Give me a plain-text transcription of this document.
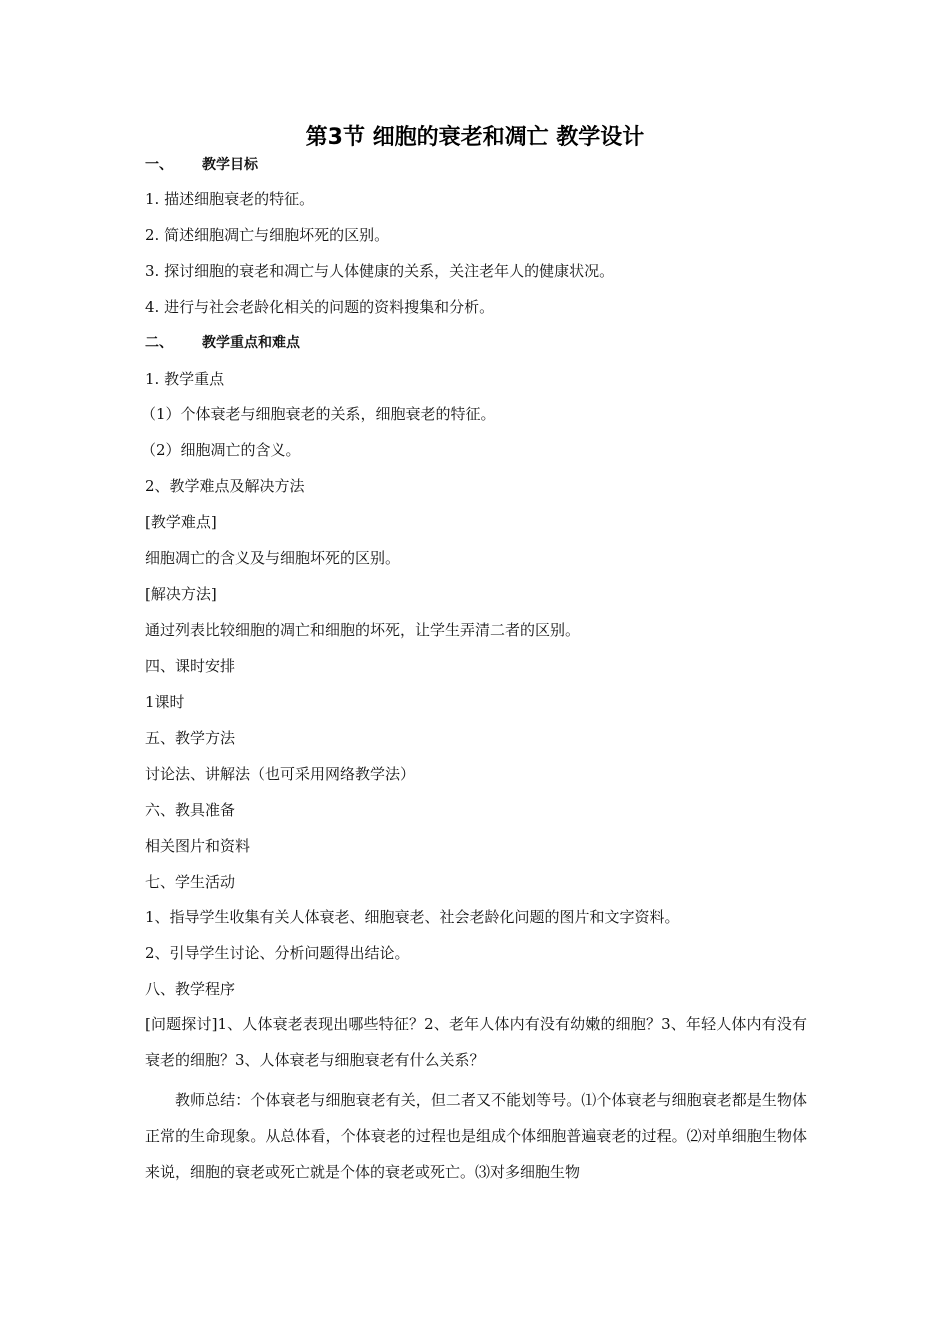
第3节 细胞的衰老和凋亡 教学设计
一、 教学目标
1. 描述细胞衰老的特征。
2. 简述细胞凋亡与细胞坏死的区别。
3. 探讨细胞的衰老和凋亡与人体健康的关系，关注老年人的健康状况。
4. 进行与社会老龄化相关的问题的资料搜集和分析。
二、 教学重点和难点
1. 教学重点
（1）个体衰老与细胞衰老的关系，细胞衰老的特征。
（2）细胞凋亡的含义。
2、教学难点及解决方法
[教学难点]
细胞凋亡的含义及与细胞坏死的区别。
[解决方法]
通过列表比较细胞的凋亡和细胞的坏死，让学生弄清二者的区别。
四、课时安排
1课时
五、教学方法
讨论法、讲解法（也可采用网络教学法）
六、教具准备
相关图片和资料
七、学生活动
1、指导学生收集有关人体衰老、细胞衰老、社会老龄化问题的图片和文字资料。
2、引导学生讨论、分析问题得出结论。
八、教学程序
[问题探讨]1、人体衰老表现出哪些特征？2、老年人体内有没有幼嫩的细胞？3、年轻人体内有没有衰老的细胞？3、人体衰老与细胞衰老有什么关系？
教师总结：个体衰老与细胞衰老有关，但二者又不能划等号。⑴个体衰老与细胞衰老都是生物体正常的生命现象。从总体看，个体衰老的过程也是组成个体细胞普遍衰老的过程。⑵对单细胞生物体来说，细胞的衰老或死亡就是个体的衰老或死亡。⑶对多细胞生物
